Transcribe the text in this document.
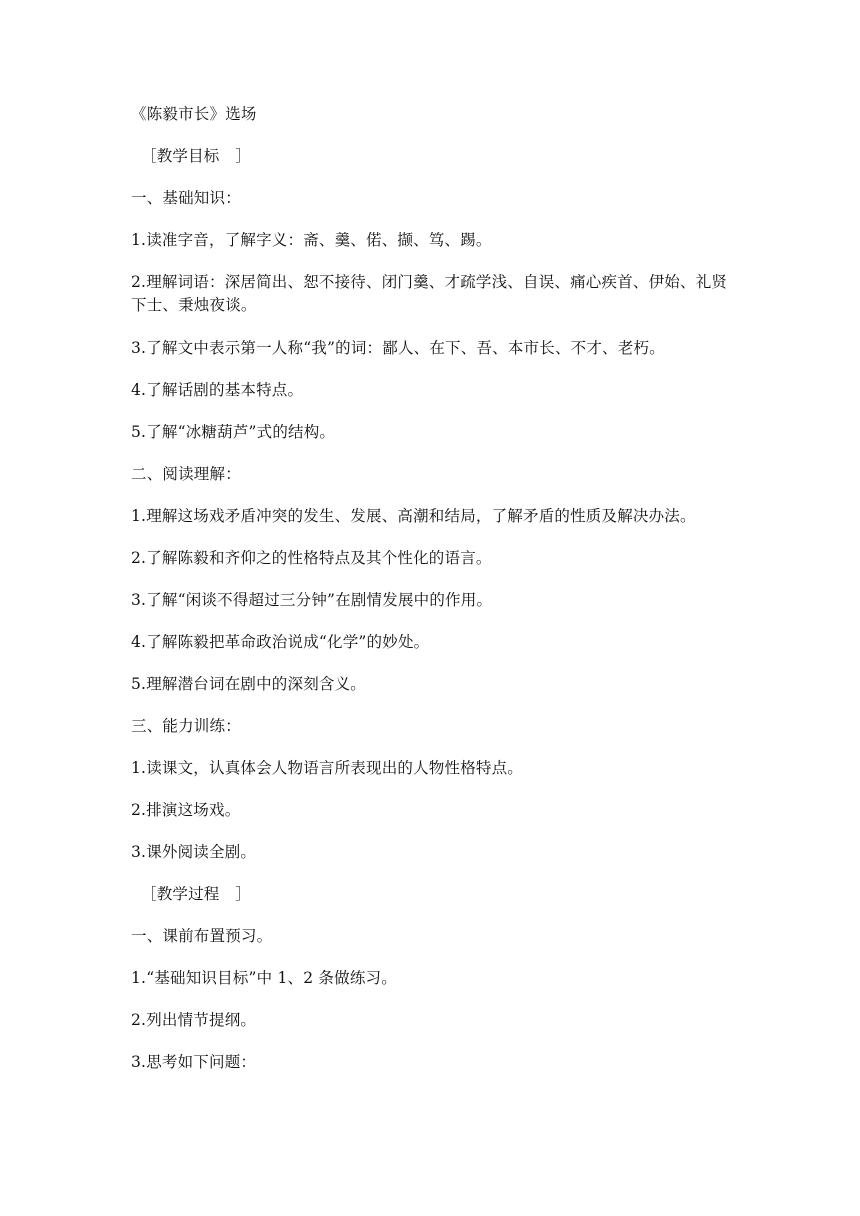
《陈毅市长》选场

［教学目标　］

一、基础知识：

1.读准字音，了解字义：斋、羹、偌、撷、笃、踢。

2.理解词语：深居简出、恕不接待、闭门羹、才疏学浅、自误、痛心疾首、伊始、礼贤下士、秉烛夜谈。

3.了解文中表示第一人称“我”的词：鄙人、在下、吾、本市长、不才、老朽。

4.了解话剧的基本特点。

5.了解“冰糖葫芦”式的结构。

二、阅读理解：

1.理解这场戏矛盾冲突的发生、发展、高潮和结局，了解矛盾的性质及解决办法。

2.了解陈毅和齐仰之的性格特点及其个性化的语言。

3.了解“闲谈不得超过三分钟”在剧情发展中的作用。

4.了解陈毅把革命政治说成“化学”的妙处。

5.理解潜台词在剧中的深刻含义。

三、能力训练：

1.读课文，认真体会人物语言所表现出的人物性格特点。

2.排演这场戏。

3.课外阅读全剧。

［教学过程　］

一、课前布置预习。

1.“基础知识目标”中 1、2 条做练习。

2.列出情节提纲。

3.思考如下问题：
